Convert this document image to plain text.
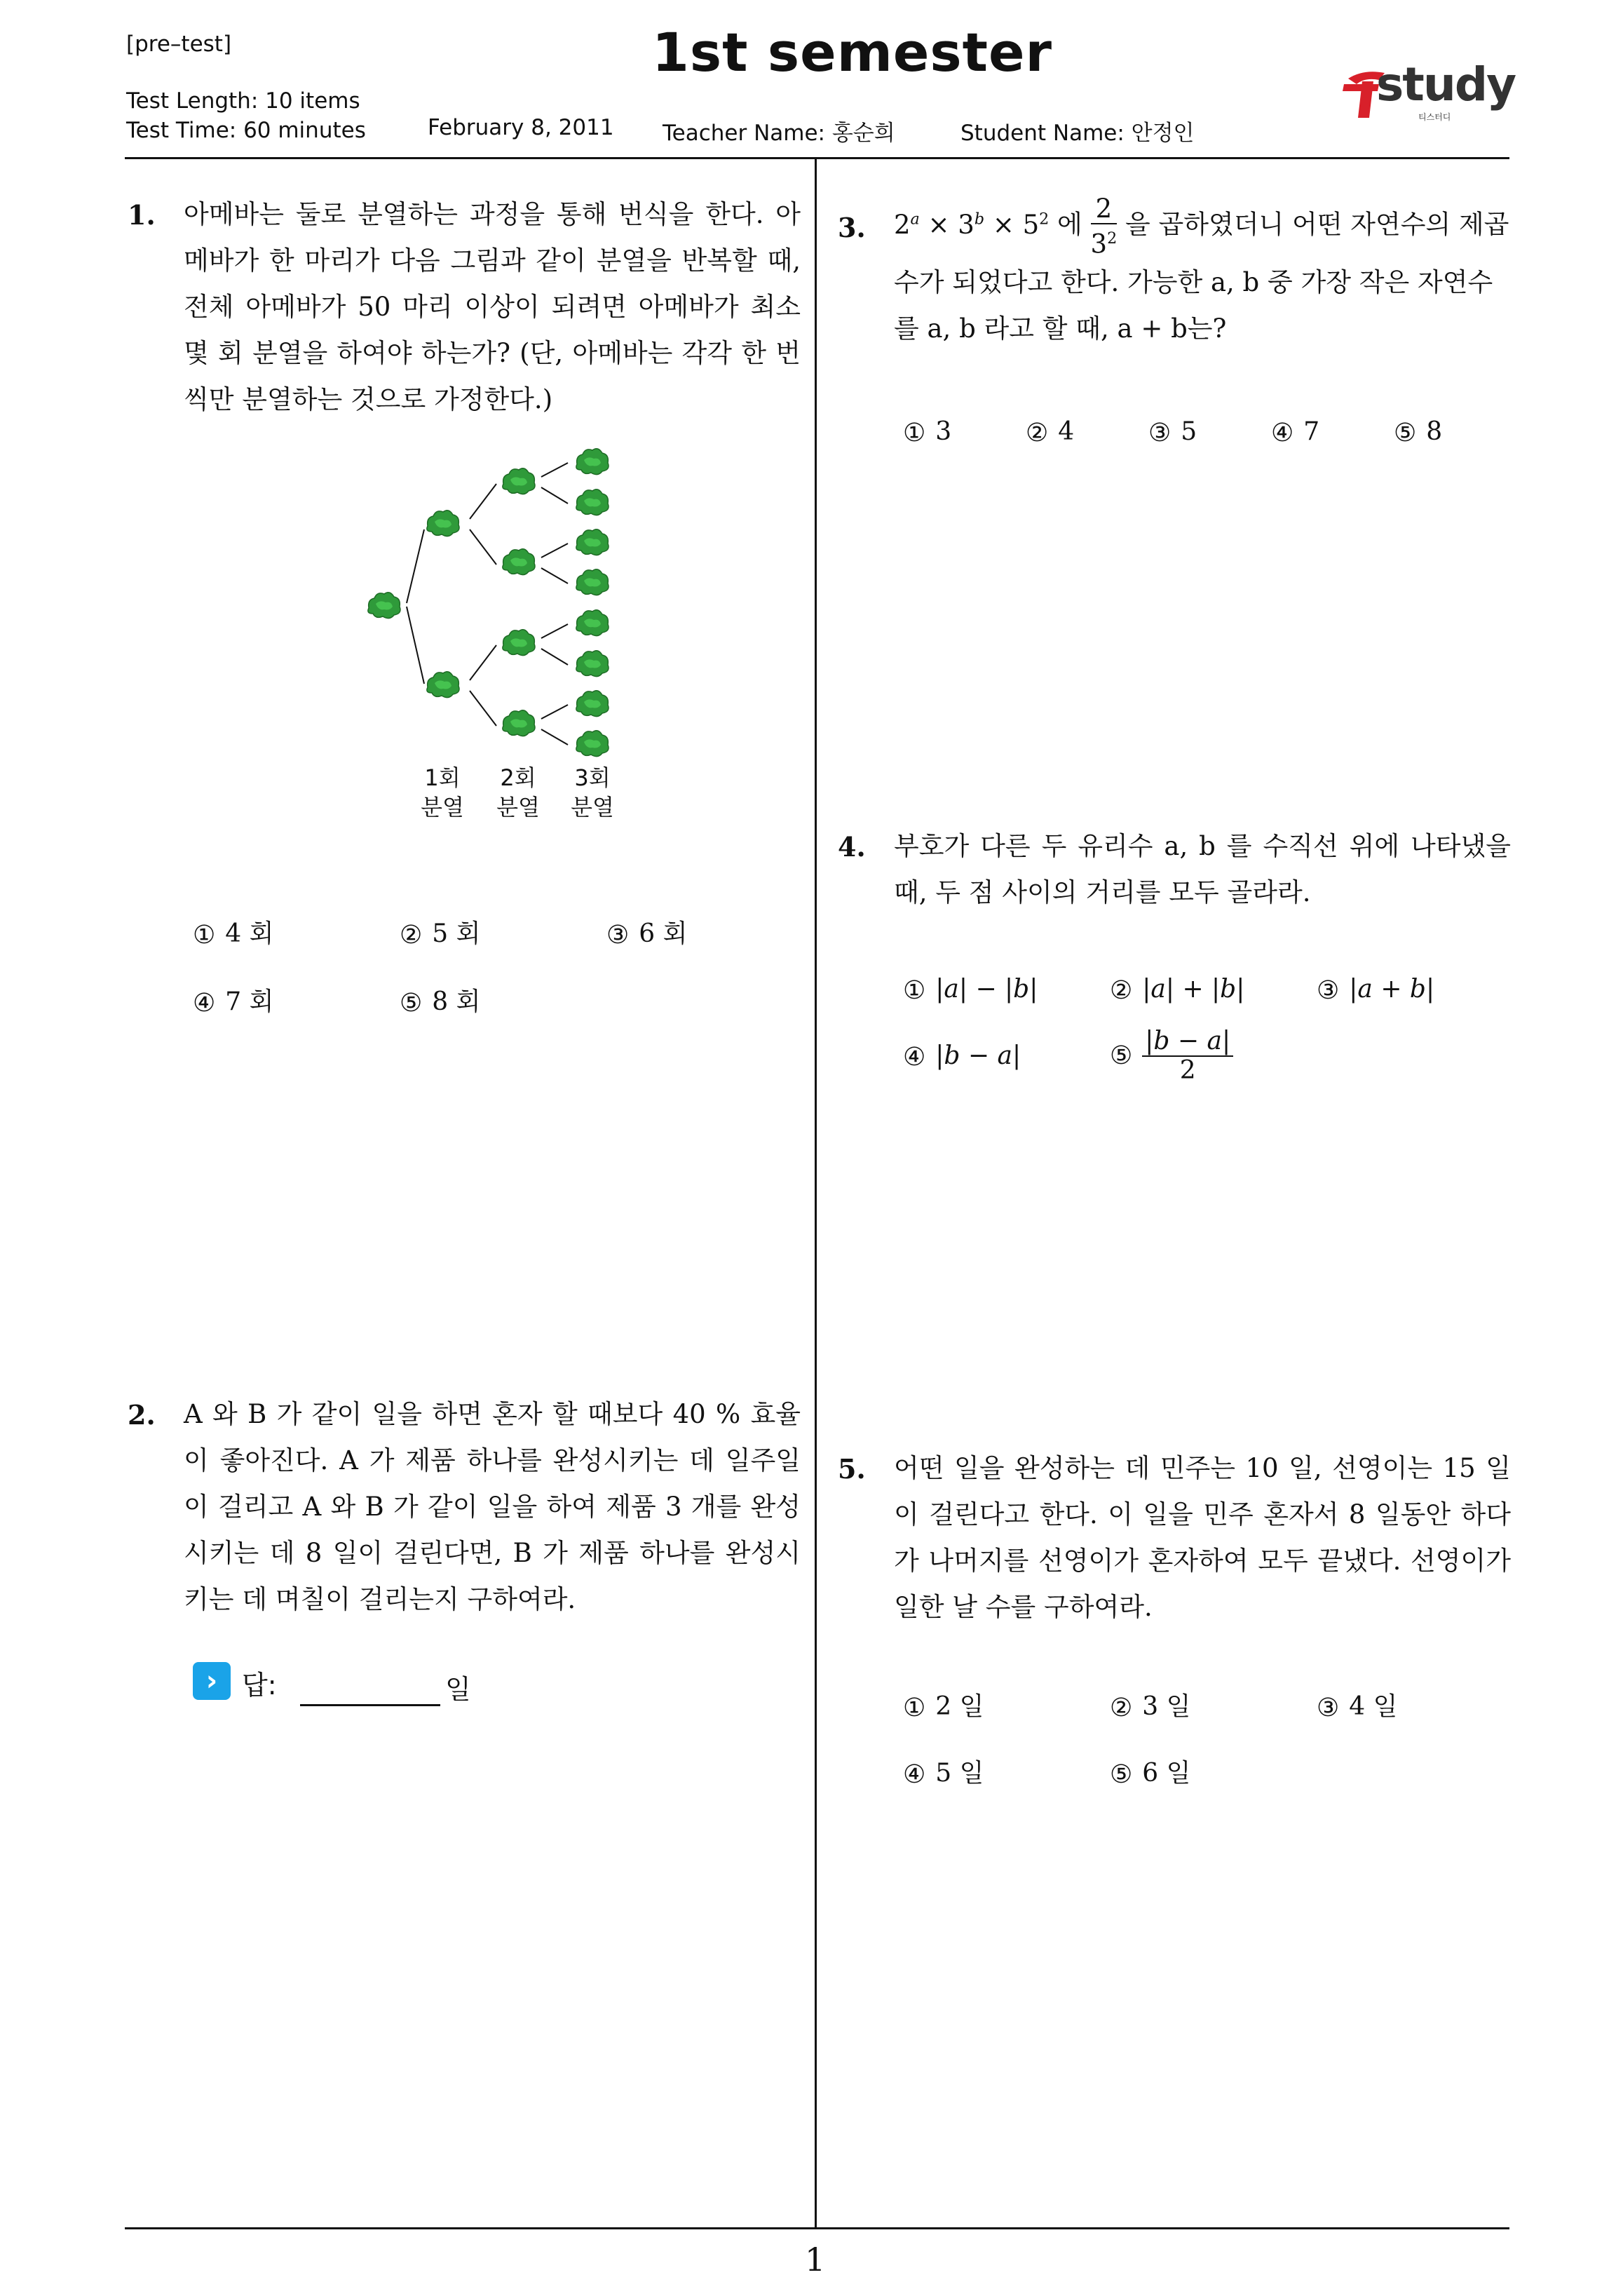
[pre–test]	1st semester
Test Length: 10 items
Test Time: 60 minutes	February 8, 2011 Teacher Name: 홍순희	Student Name: 안정인
study
티스터디
1
1. 아메바는 둘로 분열하는 과정을 통해 번식을 한다. 아메바가 한 마리가 다음 그림과 같이 분열을 반복할 때, 전체 아메바가 50 마리 이상이 되려면 아메바가 최소 몇 회 분열을 하여야 하는가? (단, 아메바는 각각 한 번씩만 분열하는 것으로 가정한다.)
1회
분열
2회
분열
3회
분열
① 4 회	② 5 회	③ 6 회
④ 7 회	⑤ 8 회
2. A 와 B 가 같이 일을 하면 혼자 할 때보다 40 % 효율이 좋아진다. A 가 제품 하나를 완성시키는 데 일주일이 걸리고 A 와 B 가 같이 일을 하여 제품 3 개를 완성시키는 데 8 일이 걸린다면, B 가 제품 하나를 완성시키는 데 며칠이 걸리는지 구하여라.
› 답:	일
3. $2^a \times 3^b \times 5^2$ 에 $\frac{2}{3^2}$ 을 곱하였더니 어떤 자연수의 제곱
수가 되었다고 한다. 가능한 a, b 중 가장 작은 자연수
를 a, b 라고 할 때, a + b는?
① 3	② 4	③ 5	④ 7	⑤ 8
4. 부호가 다른 두 유리수 a, b 를 수직선 위에 나타냈을 때, 두 점 사이의 거리를 모두 골라라.
① |a| − |b|	② |a| + |b|	③ |a + b|
④ |b − a|	⑤ $\frac{|b - a|}{2}$
5. 어떤 일을 완성하는 데 민주는 10 일, 선영이는 15 일이 걸린다고 한다. 이 일을 민주 혼자서 8 일동안 하다가 나머지를 선영이가 혼자하여 모두 끝냈다. 선영이가 일한 날 수를 구하여라.
① 2 일	② 3 일	③ 4 일
④ 5 일	⑤ 6 일
